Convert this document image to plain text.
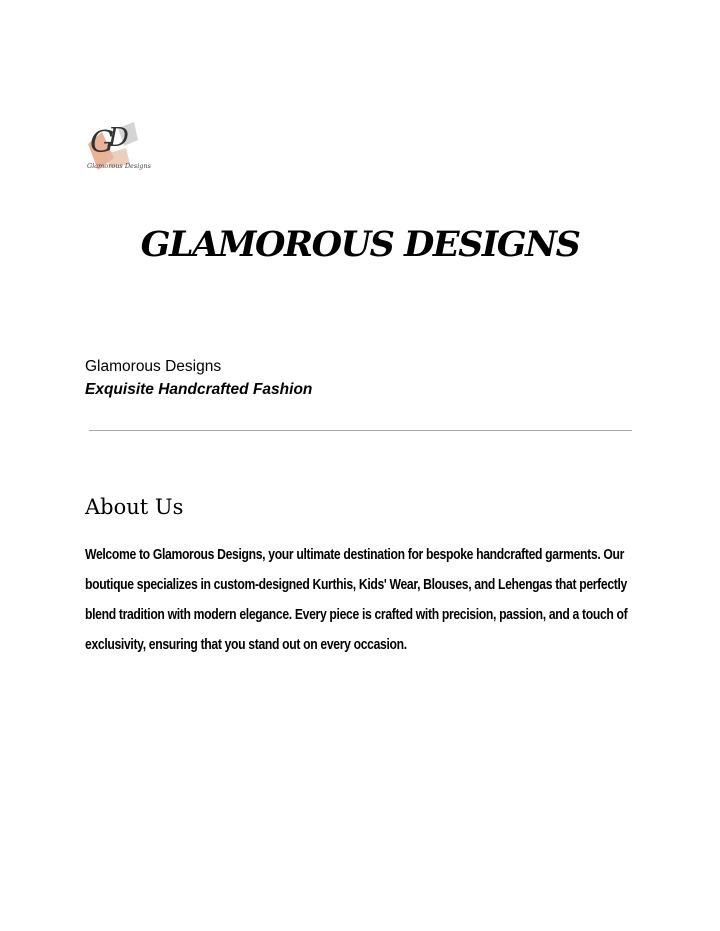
G
D
Glamorous Designs
GLAMOROUS DESIGNS

Glamorous Designs

Exquisite Handcrafted Fashion

About Us

Welcome to Glamorous Designs, your ultimate destination for bespoke handcrafted garments. Our boutique specializes in custom-designed Kurthis, Kids' Wear, Blouses, and Lehengas that perfectly blend tradition with modern elegance. Every piece is crafted with precision, passion, and a touch of exclusivity, ensuring that you stand out on every occasion.
